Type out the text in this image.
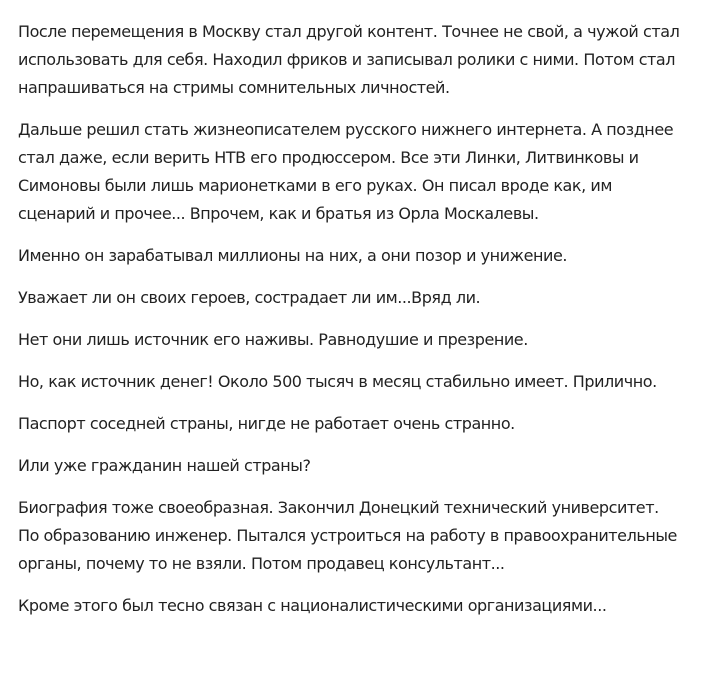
После перемещения в Москву стал другой контент. Точнее не свой, а чужой стал
использовать для себя. Находил фриков и записывал ролики с ними. Потом стал
напрашиваться на стримы сомнительных личностей.

Дальше решил стать жизнеописателем русского нижнего интернета. А позднее
стал даже, если верить НТВ его продюссером. Все эти Линки, Литвинковы и
Симоновы были лишь марионетками в его руках. Он писал вроде как, им
сценарий и прочее... Впрочем, как и братья из Орла Москалевы.

Именно он зарабатывал миллионы на них, а они позор и унижение.

Уважает ли он своих героев, сострадает ли им...Вряд ли.

Нет они лишь источник его наживы. Равнодушие и презрение.

Но, как источник денег! Около 500 тысяч в месяц стабильно имеет. Прилично.

Паспорт соседней страны, нигде не работает очень странно.

Или уже гражданин нашей страны?

Биография тоже своеобразная. Закончил Донецкий технический университет.
По образованию инженер. Пытался устроиться на работу в правоохранительные
органы, почему то не взяли. Потом продавец консультант...

Кроме этого был тесно связан с националистическими организациями...
